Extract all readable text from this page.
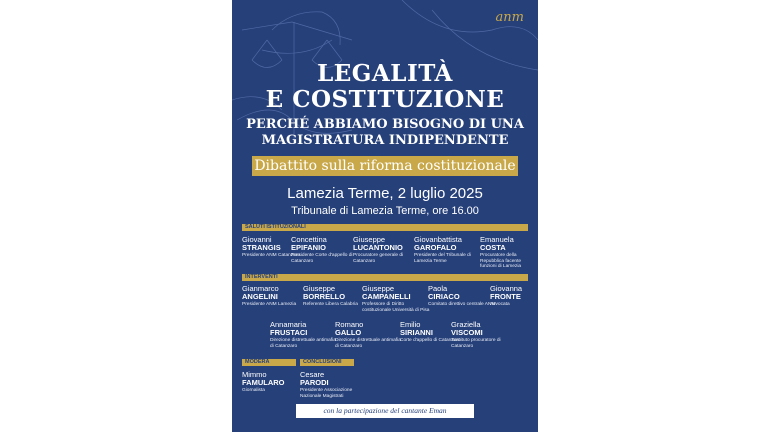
anm
LEGALITÀ
E COSTITUZIONE
PERCHÉ ABBIAMO BISOGNO DI UNA
MAGISTRATURA INDIPENDENTE
Dibattito sulla riforma costituzionale
Lamezia Terme, 2 luglio 2025
Tribunale di Lamezia Terme, ore 16.00
SALUTI ISTITUZIONALI
Giovanni
STRANGIS
Presidente ANM Catanzaro
Concettina
EPIFANIO
Presidente Corte d'appello di Catanzaro
Giuseppe
LUCANTONIO
Procuratore generale di Catanzaro
Giovanbattista
GAROFALO
Presidente del Tribunale di Lamezia Terme
Emanuela
COSTA
Procuratore della Repubblica facente funzioni di Lamezia
INTERVENTI
Gianmarco
ANGELINI
Presidente ANM Lamezia
Giuseppe
BORRELLO
Referente Libera Calabria
Giuseppe
CAMPANELLI
Professore di Diritto costituzionale Università di Pisa
Paola
CIRIACO
Comitato direttivo centrale ANM
Giovanna
FRONTE
Avvocata
Annamaria
FRUSTACI
Direzione distrettuale antimafia di Catanzaro
Romano
GALLO
Direzione distrettuale antimafia di Catanzaro
Emilio
SIRIANNI
Corte d'appello di Catanzaro
Graziella
VISCOMI
Sostituto procuratore di Catanzaro
MODERA	CONCLUSIONI
Mimmo
FAMULARO
Giornalista
Cesare
PARODI
Presidente Associazione Nazionale Magistrati
con la partecipazione del cantante Eman
